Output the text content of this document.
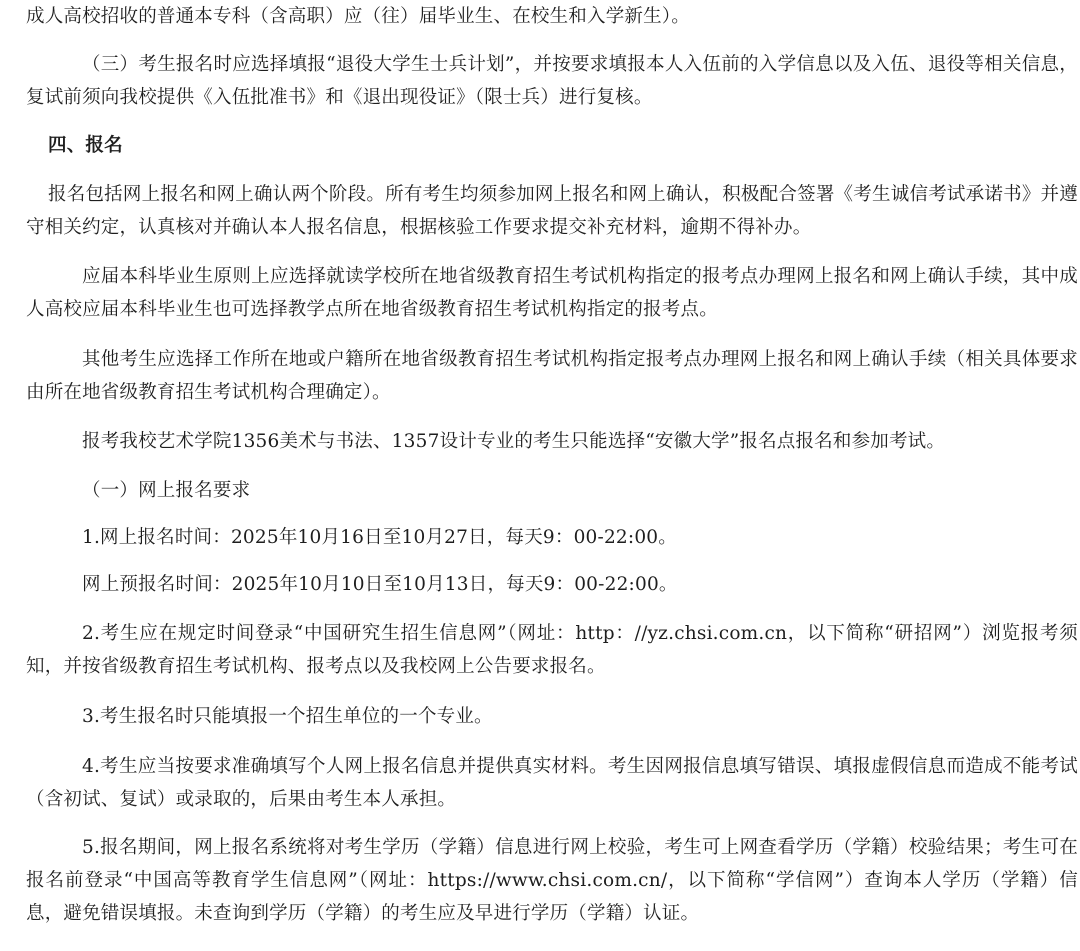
成人高校招收的普通本专科（含高职）应（往）届毕业生、在校生和入学新生）。

（三）考生报名时应选择填报“退役大学生士兵计划”，并按要求填报本人入伍前的入学信息以及入伍、退役等相关信息，复试前须向我校提供《入伍批准书》和《退出现役证》（限士兵）进行复核。

四、报名

报名包括网上报名和网上确认两个阶段。所有考生均须参加网上报名和网上确认，积极配合签署《考生诚信考试承诺书》并遵守相关约定，认真核对并确认本人报名信息，根据核验工作要求提交补充材料，逾期不得补办。

应届本科毕业生原则上应选择就读学校所在地省级教育招生考试机构指定的报考点办理网上报名和网上确认手续，其中成人高校应届本科毕业生也可选择教学点所在地省级教育招生考试机构指定的报考点。

其他考生应选择工作所在地或户籍所在地省级教育招生考试机构指定报考点办理网上报名和网上确认手续（相关具体要求由所在地省级教育招生考试机构合理确定）。

报考我校艺术学院1356美术与书法、1357设计专业的考生只能选择“安徽大学”报名点报名和参加考试。

（一）网上报名要求

1.网上报名时间：2025年10月16日至10月27日，每天9：00-22:00。

网上预报名时间：2025年10月10日至10月13日，每天9：00-22:00。

2.考生应在规定时间登录“中国研究生招生信息网”（网址：http：//yz.chsi.com.cn，以下简称“研招网”）浏览报考须知，并按省级教育招生考试机构、报考点以及我校网上公告要求报名。

3.考生报名时只能填报一个招生单位的一个专业。

4.考生应当按要求准确填写个人网上报名信息并提供真实材料。考生因网报信息填写错误、填报虚假信息而造成不能考试（含初试、复试）或录取的，后果由考生本人承担。

5.报名期间，网上报名系统将对考生学历（学籍）信息进行网上校验，考生可上网查看学历（学籍）校验结果；考生可在报名前登录“中国高等教育学生信息网”（网址：https://www.chsi.com.cn/，以下简称“学信网”）查询本人学历（学籍）信息，避免错误填报。未查询到学历（学籍）的考生应及早进行学历（学籍）认证。
